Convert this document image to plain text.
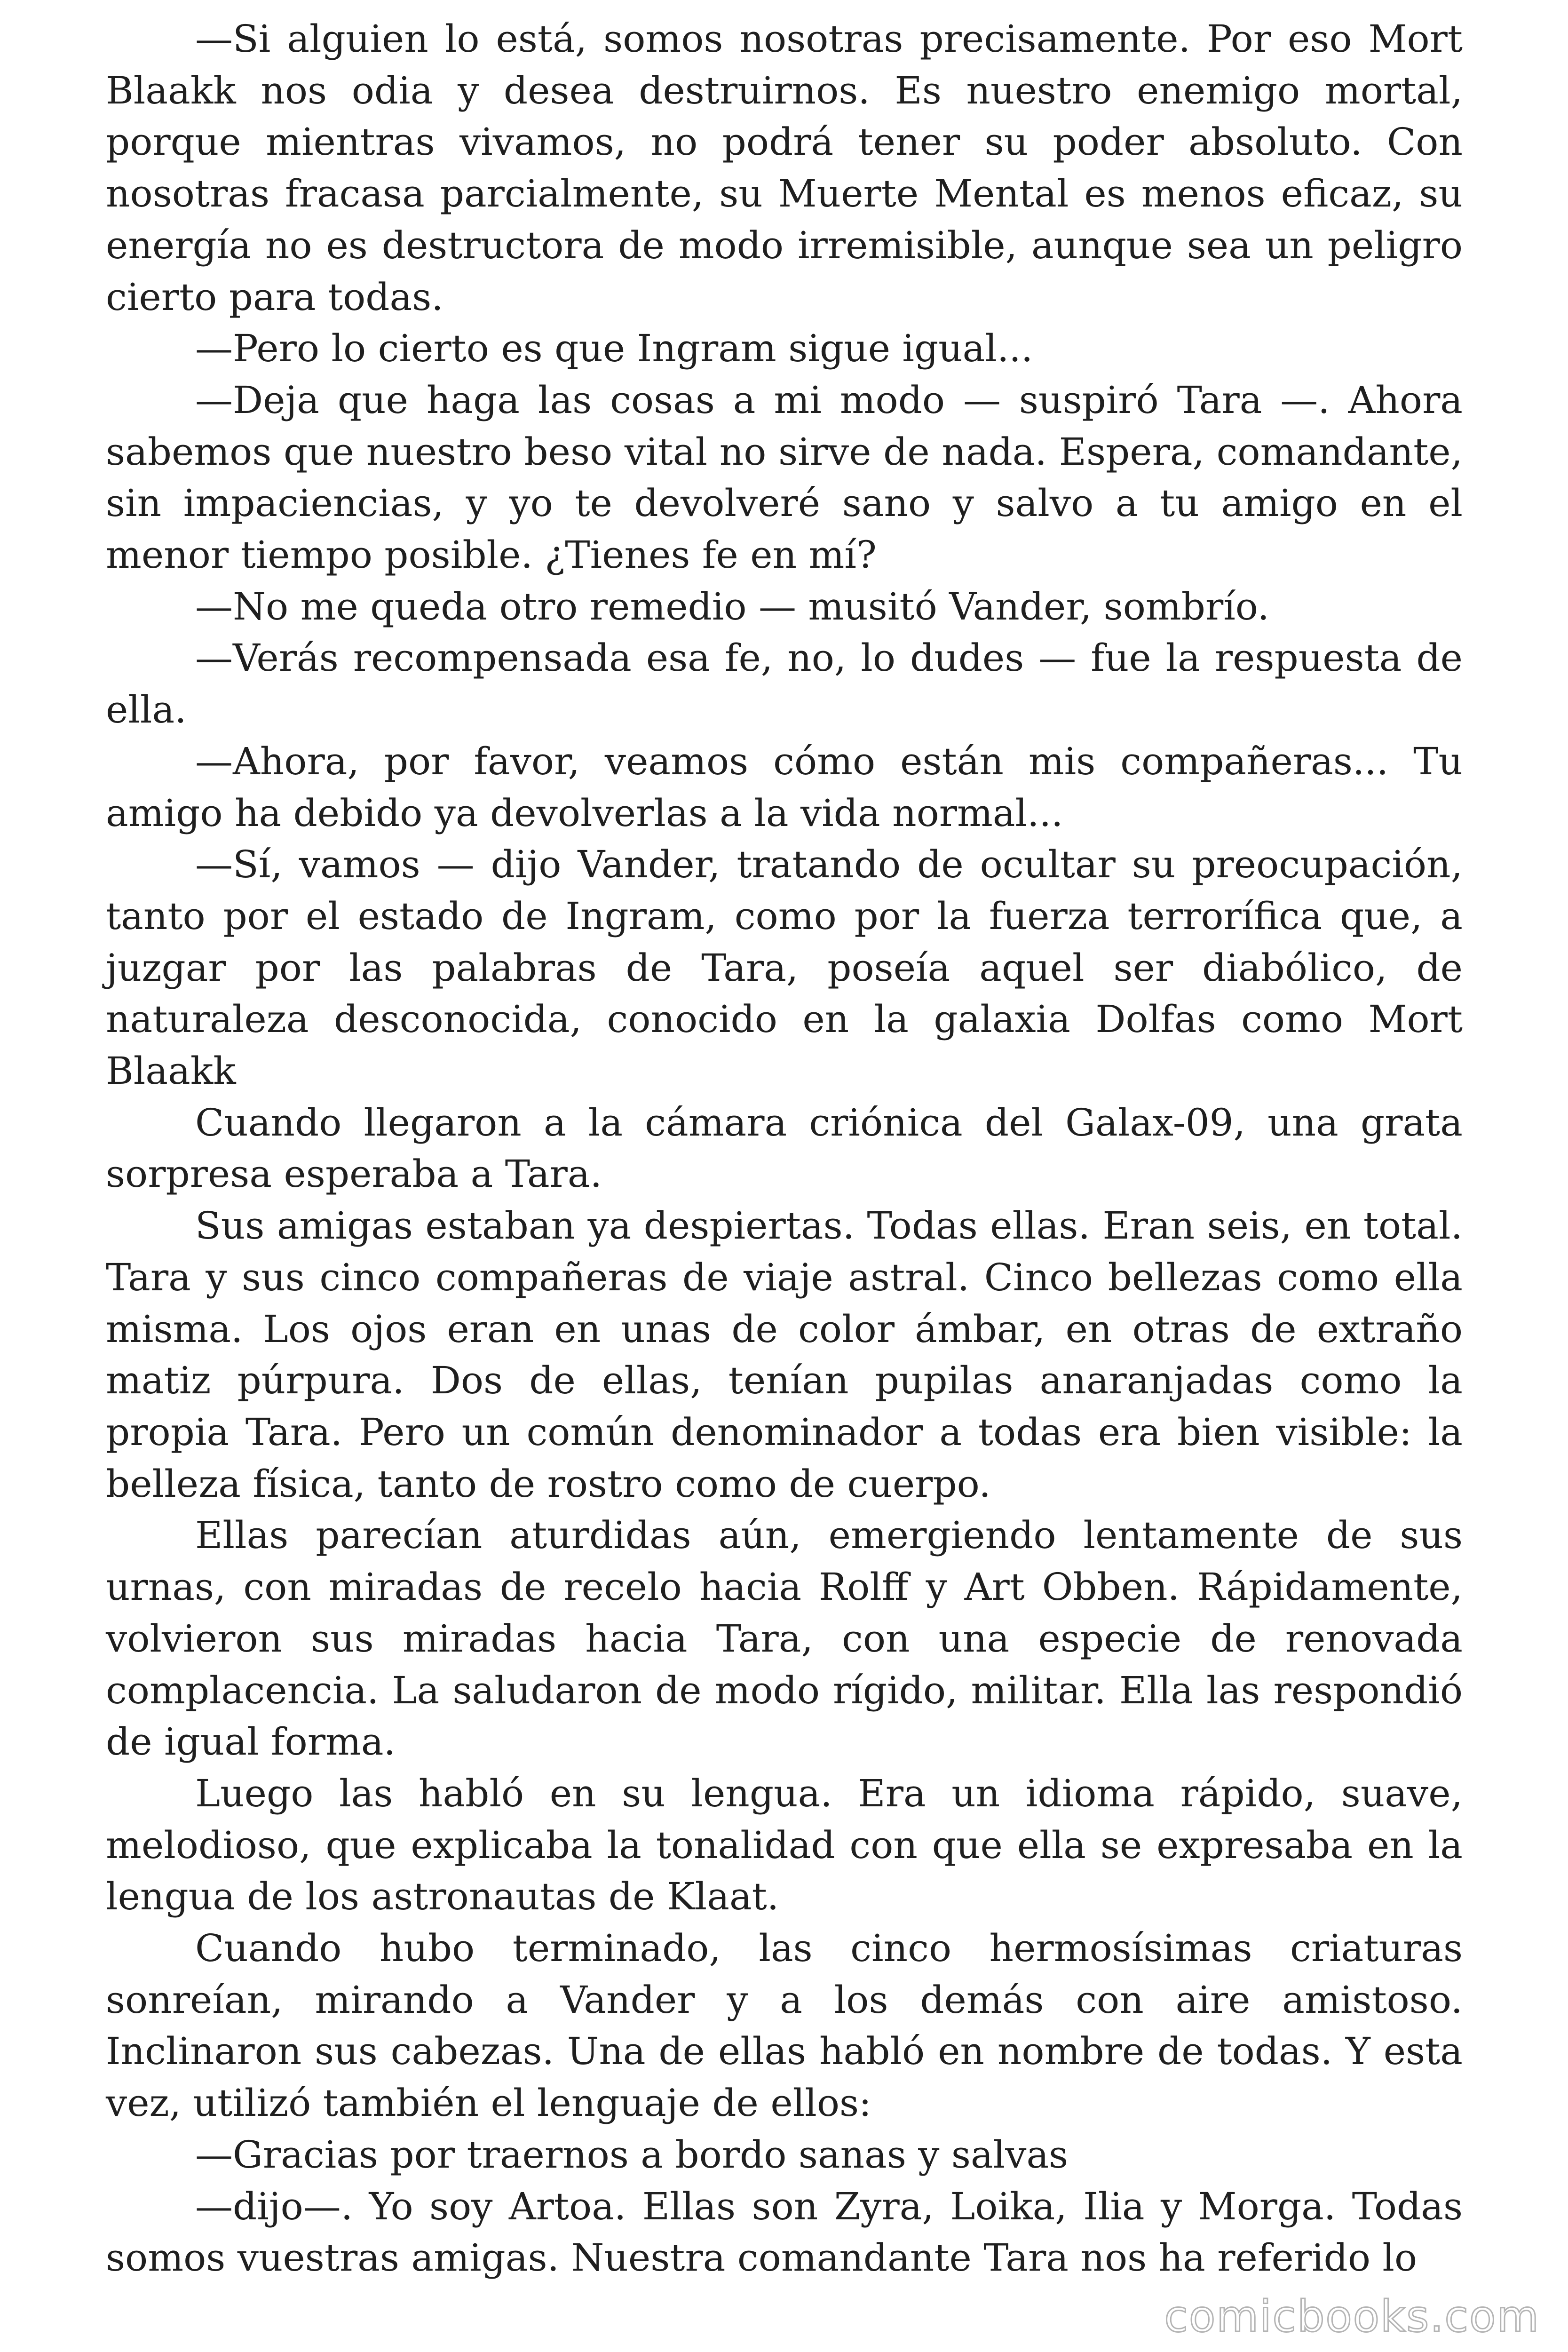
—Si alguien lo está, somos nosotras precisamente. Por eso Mort Blaakk nos odia y desea destruirnos. Es nuestro enemigo mortal, porque mientras vivamos, no podrá tener su poder absoluto. Con nosotras fracasa parcialmente, su Muerte Mental es menos eficaz, su energía no es destructora de modo irremisible, aunque sea un peligro cierto para todas.

—Pero lo cierto es que Ingram sigue igual...

—Deja que haga las cosas a mi modo — suspiró Tara —. Ahora sabemos que nuestro beso vital no sirve de nada. Espera, comandante, sin impaciencias, y yo te devolveré sano y salvo a tu amigo en el menor tiempo posible. ¿Tienes fe en mí?

—No me queda otro remedio — musitó Vander, sombrío.

—Verás recompensada esa fe, no, lo dudes — fue la respuesta de ella.

—Ahora, por favor, veamos cómo están mis compañeras... Tu amigo ha debido ya devolverlas a la vida normal...

—Sí, vamos — dijo Vander, tratando de ocultar su preocupación, tanto por el estado de Ingram, como por la fuerza terrorífica que, a juzgar por las palabras de Tara, poseía aquel ser diabólico, de naturaleza desconocida, conocido en la galaxia Dolfas como Mort Blaakk

Cuando llegaron a la cámara criónica del Galax-09, una grata sorpresa esperaba a Tara.

Sus amigas estaban ya despiertas. Todas ellas. Eran seis, en total. Tara y sus cinco compañeras de viaje astral. Cinco bellezas como ella misma. Los ojos eran en unas de color ámbar, en otras de extraño matiz púrpura. Dos de ellas, tenían pupilas anaranjadas como la propia Tara. Pero un común denominador a todas era bien visible: la belleza física, tanto de rostro como de cuerpo.

Ellas parecían aturdidas aún, emergiendo lentamente de sus urnas, con miradas de recelo hacia Rolff y Art Obben. Rápidamente, volvieron sus miradas hacia Tara, con una especie de renovada complacencia. La saludaron de modo rígido, militar. Ella las respondió de igual forma.

Luego las habló en su lengua. Era un idioma rápido, suave, melodioso, que explicaba la tonalidad con que ella se expresaba en la lengua de los astronautas de Klaat.

Cuando hubo terminado, las cinco hermosísimas criaturas sonreían, mirando a Vander y a los demás con aire amistoso. Inclinaron sus cabezas. Una de ellas habló en nombre de todas. Y esta vez, utilizó también el lenguaje de ellos:

—Gracias por traernos a bordo sanas y salvas

—dijo—. Yo soy Artoa. Ellas son Zyra, Loika, Ilia y Morga. Todas somos vuestras amigas. Nuestra comandante Tara nos ha referido lo

comicbooks.com
